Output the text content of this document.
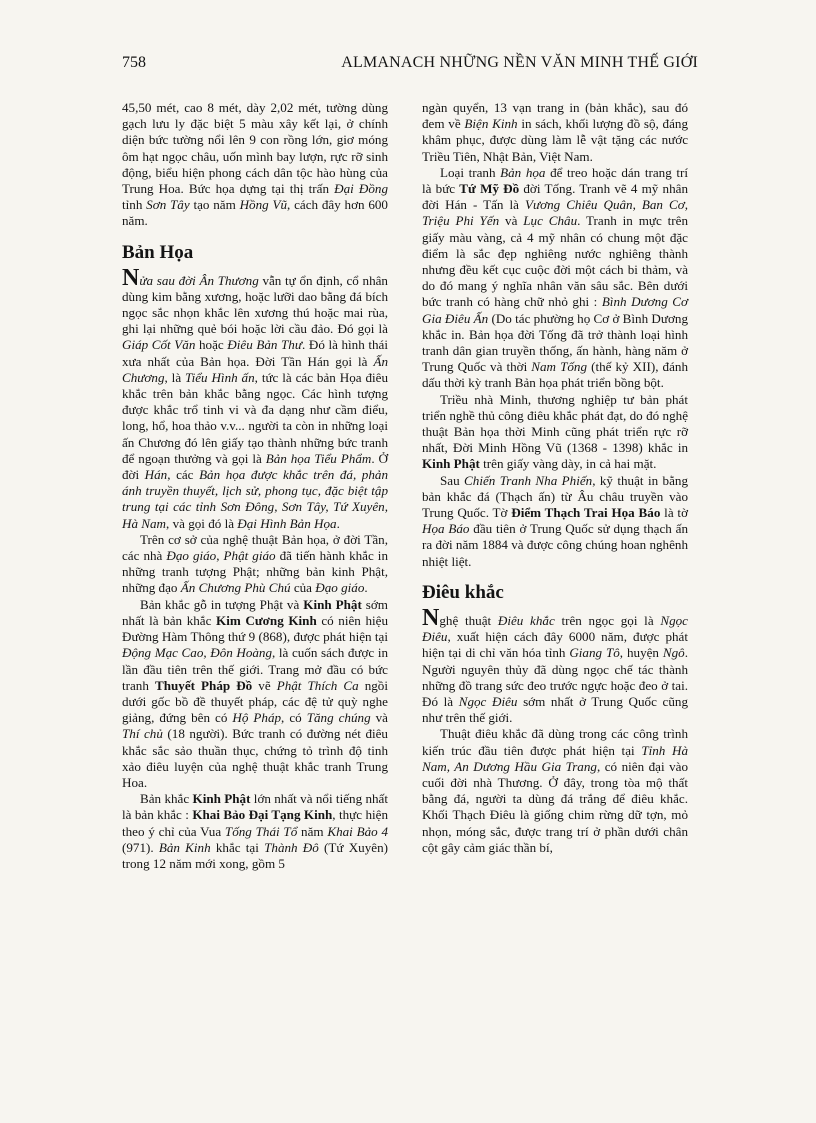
758	ALMANACH NHỮNG NỀN VĂN MINH THẾ GIỚI

45,50 mét, cao 8 mét, dày 2,02 mét, tường dùng gạch lưu ly đặc biệt 5 màu xây kết lại, ở chính diện bức tường nổi lên 9 con rồng lớn, giơ móng ôm hạt ngọc châu, uốn mình bay lượn, rực rỡ sinh động, biểu hiện phong cách dân tộc hào hùng của Trung Hoa. Bức họa dựng tại thị trấn Đại Đồng tỉnh Sơn Tây tạo năm Hồng Vũ, cách đây hơn 600 năm.

Bản Họa

Nửa sau đời Ân Thương vẫn tự ổn định, cổ nhân dùng kim bằng xương, hoặc lưỡi dao bằng đá bích ngọc sắc nhọn khắc lên xương thú hoặc mai rùa, ghi lại những quẻ bói hoặc lời cầu đảo. Đó gọi là Giáp Cốt Văn hoặc Điêu Bản Thư. Đó là hình thái xưa nhất của Bản họa. Đời Tần Hán gọi là Ấn Chương, là Tiểu Hình ấn, tức là các bản Họa điêu khắc trên bản khắc bằng ngọc. Các hình tượng được khắc trổ tinh vi và đa dạng như cầm điểu, long, hổ, hoa thảo v.v... người ta còn in những loại ấn Chương đó lên giấy tạo thành những bức tranh để ngoạn thưởng và gọi là Bản họa Tiểu Phẩm. Ở đời Hán, các Bản họa được khắc trên đá, phản ánh truyền thuyết, lịch sử, phong tục, đặc biệt tập trung tại các tỉnh Sơn Đông, Sơn Tây, Tứ Xuyên, Hà Nam, và gọi đó là Đại Hình Bản Họa.

Trên cơ sở của nghệ thuật Bản họa, ở đời Tần, các nhà Đạo giáo, Phật giáo đã tiến hành khắc in những tranh tượng Phật; những bản kinh Phật, những đạo Ấn Chương Phù Chú của Đạo giáo.

Bản khắc gỗ in tượng Phật và Kinh Phật sớm nhất là bản khắc Kim Cương Kinh có niên hiệu Đường Hàm Thông thứ 9 (868), được phát hiện tại Động Mạc Cao, Đôn Hoàng, là cuốn sách được in lần đầu tiên trên thế giới. Trang mở đầu có bức tranh Thuyết Pháp Đồ vẽ Phật Thích Ca ngồi dưới gốc bồ đề thuyết pháp, các đệ tử quỳ nghe giảng, đứng bên có Hộ Pháp, có Tăng chúng và Thí chủ (18 người). Bức tranh có đường nét điêu khắc sắc sảo thuần thục, chứng tỏ trình độ tinh xảo điêu luyện của nghệ thuật khắc tranh Trung Hoa.

Bản khắc Kinh Phật lớn nhất và nổi tiếng nhất là bản khắc : Khai Bảo Đại Tạng Kinh, thực hiện theo ý chỉ của Vua Tống Thái Tổ năm Khai Bảo 4 (971). Bản Kinh khắc tại Thành Đô (Tứ Xuyên) trong 12 năm mới xong, gồm 5

ngàn quyển, 13 vạn trang in (bản khắc), sau đó đem về Biện Kinh in sách, khối lượng đồ sộ, đáng khâm phục, được dùng làm lễ vật tặng các nước Triều Tiên, Nhật Bản, Việt Nam.

Loại tranh Bản họa để treo hoặc dán trang trí là bức Tứ Mỹ Đồ đời Tống. Tranh vẽ 4 mỹ nhân đời Hán - Tấn là Vương Chiêu Quân, Ban Cơ, Triệu Phi Yến và Lục Châu. Tranh in mực trên giấy màu vàng, cả 4 mỹ nhân có chung một đặc điểm là sắc đẹp nghiêng nước nghiêng thành nhưng đều kết cục cuộc đời một cách bi thảm, và do đó mang ý nghĩa nhân văn sâu sắc. Bên dưới bức tranh có hàng chữ nhỏ ghi : Bình Dương Cơ Gia Điêu Ấn (Do tác phường họ Cơ ở Bình Dương khắc in. Bản họa đời Tống đã trở thành loại hình tranh dân gian truyền thống, ấn hành, hàng năm ở Trung Quốc và thời Nam Tống (thế kỷ XII), đánh dấu thời kỳ tranh Bản họa phát triển bồng bột.

Triều nhà Minh, thương nghiệp tư bản phát triển nghề thủ công điêu khắc phát đạt, do đó nghệ thuật Bản họa thời Minh cũng phát triển rực rỡ nhất, Đời Minh Hồng Vũ (1368 - 1398) khắc in Kinh Phật trên giấy vàng dày, in cả hai mặt.

Sau Chiến Tranh Nha Phiến, kỹ thuật in bằng bản khắc đá (Thạch ấn) từ Âu châu truyền vào Trung Quốc. Tờ Điểm Thạch Trai Họa Báo là tờ Họa Báo đầu tiên ở Trung Quốc sử dụng thạch ấn ra đời năm 1884 và được công chúng hoan nghênh nhiệt liệt.

Điêu khắc

Nghệ thuật Điêu khắc trên ngọc gọi là Ngọc Điêu, xuất hiện cách đây 6000 năm, được phát hiện tại di chỉ văn hóa tỉnh Giang Tô, huyện Ngô. Người nguyên thủy đã dùng ngọc chế tác thành những đồ trang sức đeo trước ngực hoặc đeo ở tai. Đó là Ngọc Điêu sớm nhất ở Trung Quốc cũng như trên thế giới.

Thuật điêu khắc đã dùng trong các công trình kiến trúc đầu tiên được phát hiện tại Tỉnh Hà Nam, An Dương Hầu Gia Trang, có niên đại vào cuối đời nhà Thương. Ở đây, trong tòa mộ thất bằng đá, người ta dùng đá trắng để điêu khắc. Khối Thạch Điêu là giống chim rừng dữ tợn, mỏ nhọn, móng sắc, được trang trí ở phần dưới chân cột gây cảm giác thần bí,
